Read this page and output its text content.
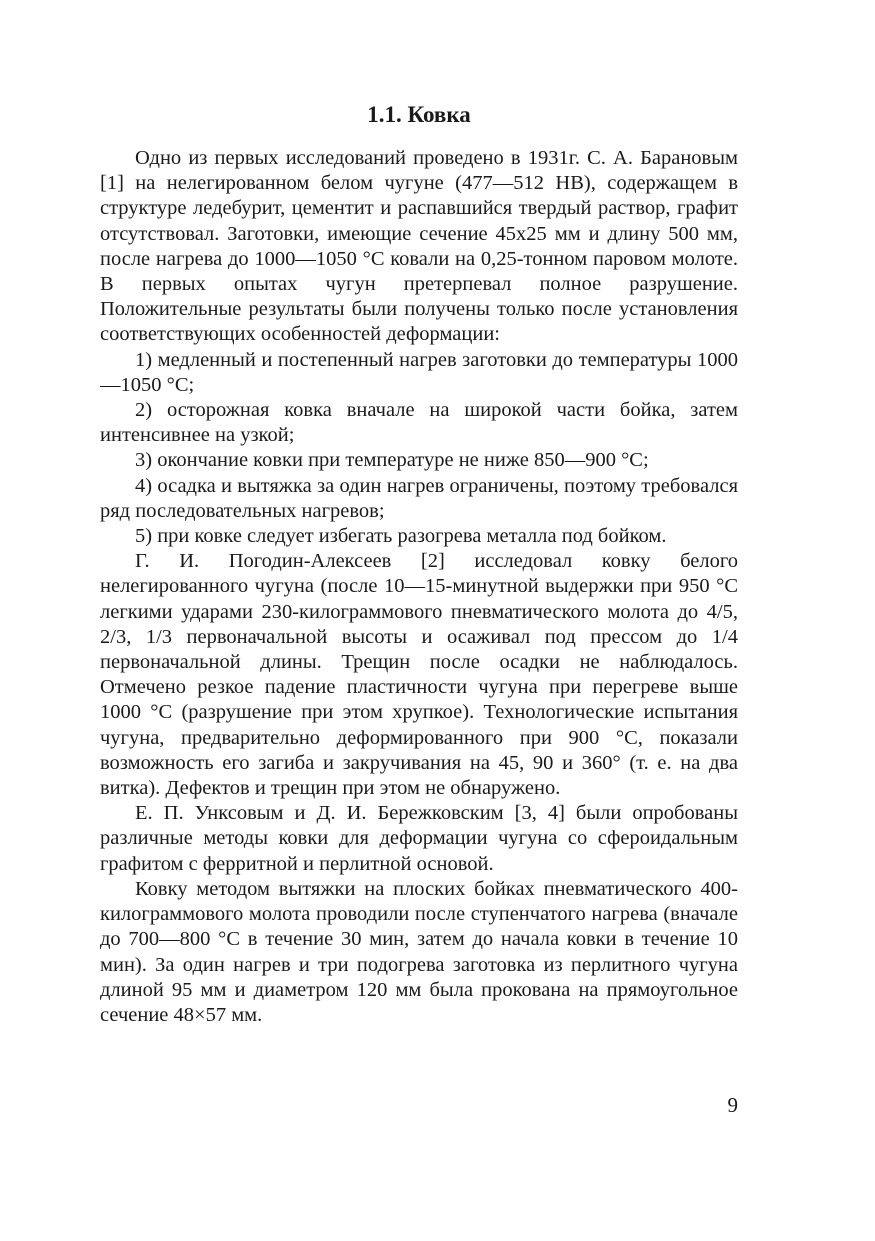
1.1. Ковка

Одно из первых исследований проведено в 1931г. С. А. Барановым [1] на нелегированном белом чугуне (477—512 НВ), содержащем в структуре ледебурит, цементит и распавшийся твердый раствор, графит отсутствовал. Заготовки, имеющие сечение 45х25 мм и длину 500 мм, после нагрева до 1000—1050 °С ковали на 0,25-тонном паровом молоте. В первых опытах чугун претерпевал полное разрушение. Положительные результаты были получены только после установления соответствующих особенностей деформации:

1) медленный и постепенный нагрев заготовки до температуры 1000—1050 °С;

2) осторожная ковка вначале на широкой части бойка, затем интенсивнее на узкой;

3) окончание ковки при температуре не ниже 850—900 °С;

4) осадка и вытяжка за один нагрев ограничены, поэтому требовался ряд последовательных нагревов;

5) при ковке следует избегать разогрева металла под бойком.

Г. И. Погодин-Алексеев [2] исследовал ковку белого нелегированного чугуна (после 10—15-минутной выдержки при 950 °С легкими ударами 230-килограммового пневматического молота до 4/5, 2/3, 1/3 первоначальной высоты и осаживал под прессом до 1/4 первоначальной длины. Трещин после осадки не наблюдалось. Отмечено резкое падение пластичности чугуна при перегреве выше 1000 °С (разрушение при этом хрупкое). Технологические испытания чугуна, предварительно деформированного при 900 °С, показали возможность его загиба и закручивания на 45, 90 и 360° (т. е. на два витка). Дефектов и трещин при этом не обнаружено.

Е. П. Унксовым и Д. И. Бережковским [3, 4] были опробованы различные методы ковки для деформации чугуна со сфероидальным графитом с ферритной и перлитной основой.

Ковку методом вытяжки на плоских бойках пневматического 400-килограммового молота проводили после ступенчатого нагрева (вначале до 700—800 °С в течение 30 мин, затем до начала ковки в течение 10 мин). За один нагрев и три подогрева заготовка из перлитного чугуна длиной 95 мм и диаметром 120 мм была прокована на прямоугольное сечение 48×57 мм.

9
